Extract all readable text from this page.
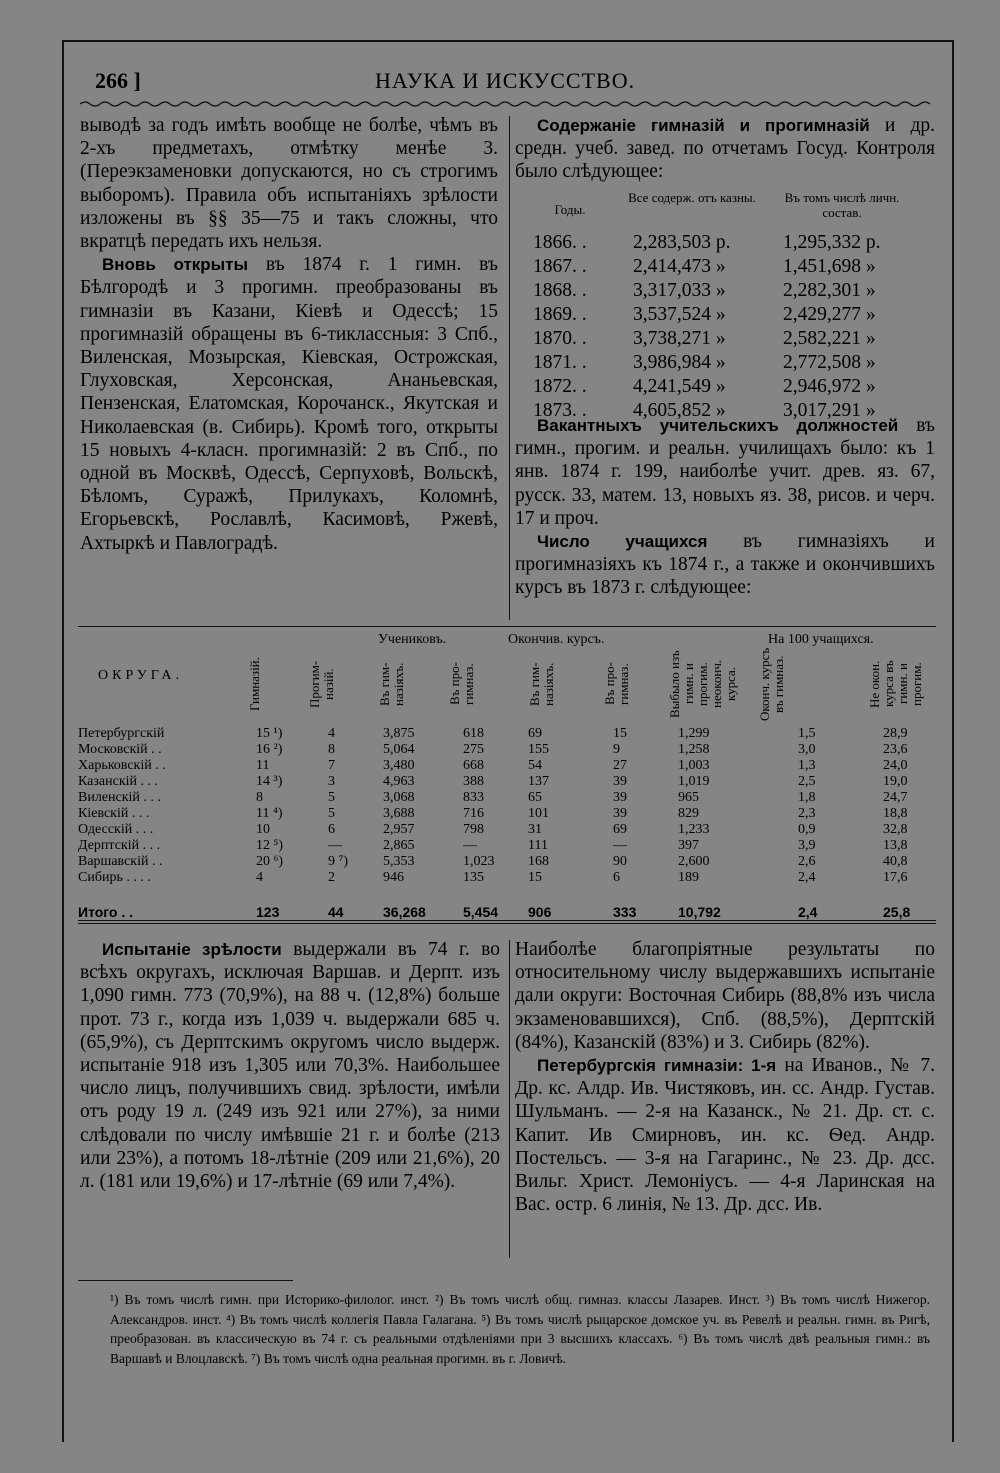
266 ]	НАУКА И ИСКУССТВО.

выводѣ за годъ имѣть вообще не болѣе, чѣмъ въ 2-хъ предметахъ, отмѣтку менѣе 3. (Переэкзаменовки допускаются, но съ строгимъ выборомъ). Правила объ испытаніяхъ зрѣлости изложены въ §§ 35—75 и такъ сложны, что вкратцѣ передать ихъ нельзя.

Вновь открыты въ 1874 г. 1 гимн. въ Бѣлгородѣ и 3 прогимн. преобразованы въ гимназіи въ Казани, Кіевѣ и Одессѣ; 15 прогимназій обращены въ 6-тиклассныя: 3 Спб., Виленская, Мозырская, Кіевская, Острожская, Глуховская, Херсонская, Ананьевская, Пензенская, Елатомская, Корочанск., Якутская и Николаевская (в. Сибирь). Кромѣ того, открыты 15 новыхъ 4-класн. прогимназій: 2 въ Спб., по одной въ Москвѣ, Одессѣ, Серпуховѣ, Вольскѣ, Бѣломъ, Суражѣ, Прилукахъ, Коломнѣ, Егорьевскѣ, Рославлѣ, Касимовѣ, Ржевѣ, Ахтыркѣ и Павлоградѣ.

Содержаніе гимназій и прогимназій и др. средн. учеб. завед. по отчетамъ Госуд. Контроля было слѣдующее:

Годы.
Все содерж. отъ казны.	Въ томъ числѣ личн. состав.
1866. . 2,283,503 р.	1,295,332 р.
1867. . 2,414,473 »	1,451,698 »
1868. . 3,317,033 »	2,282,301 »
1869. . 3,537,524 »	2,429,277 »
1870. . 3,738,271 »	2,582,221 »
1871. . 3,986,984 »	2,772,508 »
1872. . 4,241,549 »	2,946,972 »
1873. . 4,605,852 »	3,017,291 »

Вакантныхъ учительскихъ должностей въ гимн., прогим. и реальн. училищахъ было: къ 1 янв. 1874 г. 199, наиболѣе учит. древ. яз. 67, русск. 33, матем. 13, новыхъ яз. 38, рисов. и черч. 17 и проч.

Число учащихся въ гимназіяхъ и прогимназіяхъ къ 1874 г., а также и окончившихъ курсъ въ 1873 г. слѣдующее:

Учениковъ.	Окончив. курсъ.	На 100 учащихся.
ОКРУГА.	Гимназій.	Прогим- назій.	Въ гим- назіяхъ.	Въ про- гимназ.	Въ гим- назіяхъ.	Въ про- гимназ.	Выбыло изъ гимн. и прогим. неоконч. курса. Оконч. курсъ въ гимназ.	Не окон. курса въ гимн. и прогим.
Петербургскій	15 ¹)	4	3,875	618	69	15	1,299	1,5	28,9
Московскій . .	16 ²)	8	5,064	275	155	9	1,258	3,0	23,6
Харьковскій . .	11	7	3,480	668	54	27	1,003	1,3	24,0
Казанскій . . .	14 ³)	3	4,963	388	137	39	1,019	2,5	19,0
Виленскій . . .	8	5	3,068	833	65	39	965	1,8	24,7
Кіевскій . . .	11 ⁴)	5	3,688	716	101	39	829	2,3	18,8
Одесскій . . .	10	6	2,957	798	31	69	1,233	0,9	32,8
Дерптскій . . .	12 ⁵)	—	2,865	—	111	—	397	3,9	13,8
Варшавскій . .	20 ⁶)	9 ⁷) 5,353	1,023 168	90	2,600	2,6	40,8
Сибирь . . . .	4	2	946	135	15	6	189	2,4	17,6
Итого . .	123	44	36,268	5,454 906	333	10,792	2,4	25,8

Испытаніе зрѣлости выдержали въ 74 г. во всѣхъ округахъ, исключая Варшав. и Дерпт. изъ 1,090 гимн. 773 (70,9%), на 88 ч. (12,8%) больше прот. 73 г., когда изъ 1,039 ч. выдержали 685 ч. (65,9%), съ Дерптскимъ округомъ число выдерж. испытаніе 918 изъ 1,305 или 70,3%. Наибольшее число лицъ, получившихъ свид. зрѣлости, имѣли отъ роду 19 л. (249 изъ 921 или 27%), за ними слѣдовали по числу имѣвшіе 21 г. и болѣе (213 или 23%), а потомъ 18-лѣтніе (209 или 21,6%), 20 л. (181 или 19,6%) и 17-лѣтніе (69 или 7,4%).

Наиболѣе благопріятные результаты по относительному числу выдержавшихъ испытаніе дали округи: Восточная Сибирь (88,8% изъ числа экзаменовавшихся), Спб. (88,5%), Дерптскій (84%), Казанскій (83%) и З. Сибирь (82%).

Петербургскія гимназіи: 1-я на Иванов., № 7. Др. кс. Алдр. Ив. Чистяковъ, ин. сс. Андр. Густав. Шульманъ. — 2-я на Казанск., № 21. Др. ст. с. Капит. Ив Смирновъ, ин. кс. Ѳед. Андр. Постельсъ. — 3-я на Гагаринс., № 23. Др. дсс. Вильг. Христ. Лемоніусъ. — 4-я Ларинская на Вас. остр. 6 линія, № 13. Др. дсс. Ив.

¹) Въ томъ числѣ гимн. при Историко-филолог. инст. ²) Въ томъ числѣ общ. гимназ. классы Лазарев. Инст. ³) Въ томъ числѣ Нижегор. Александров. инст. ⁴) Въ томъ числѣ коллегія Павла Галагана. ⁵) Въ томъ числѣ рыцарское домское уч. въ Ревелѣ и реальн. гимн. въ Ригѣ, преобразован. въ классическую въ 74 г. съ реальными отдѣленіями при 3 высшихъ классахъ. ⁶) Въ томъ числѣ двѣ реальныя гимн.: въ Варшавѣ и Влоцлавскѣ. ⁷) Въ томъ числѣ одна реальная прогимн. въ г. Ловичѣ.
